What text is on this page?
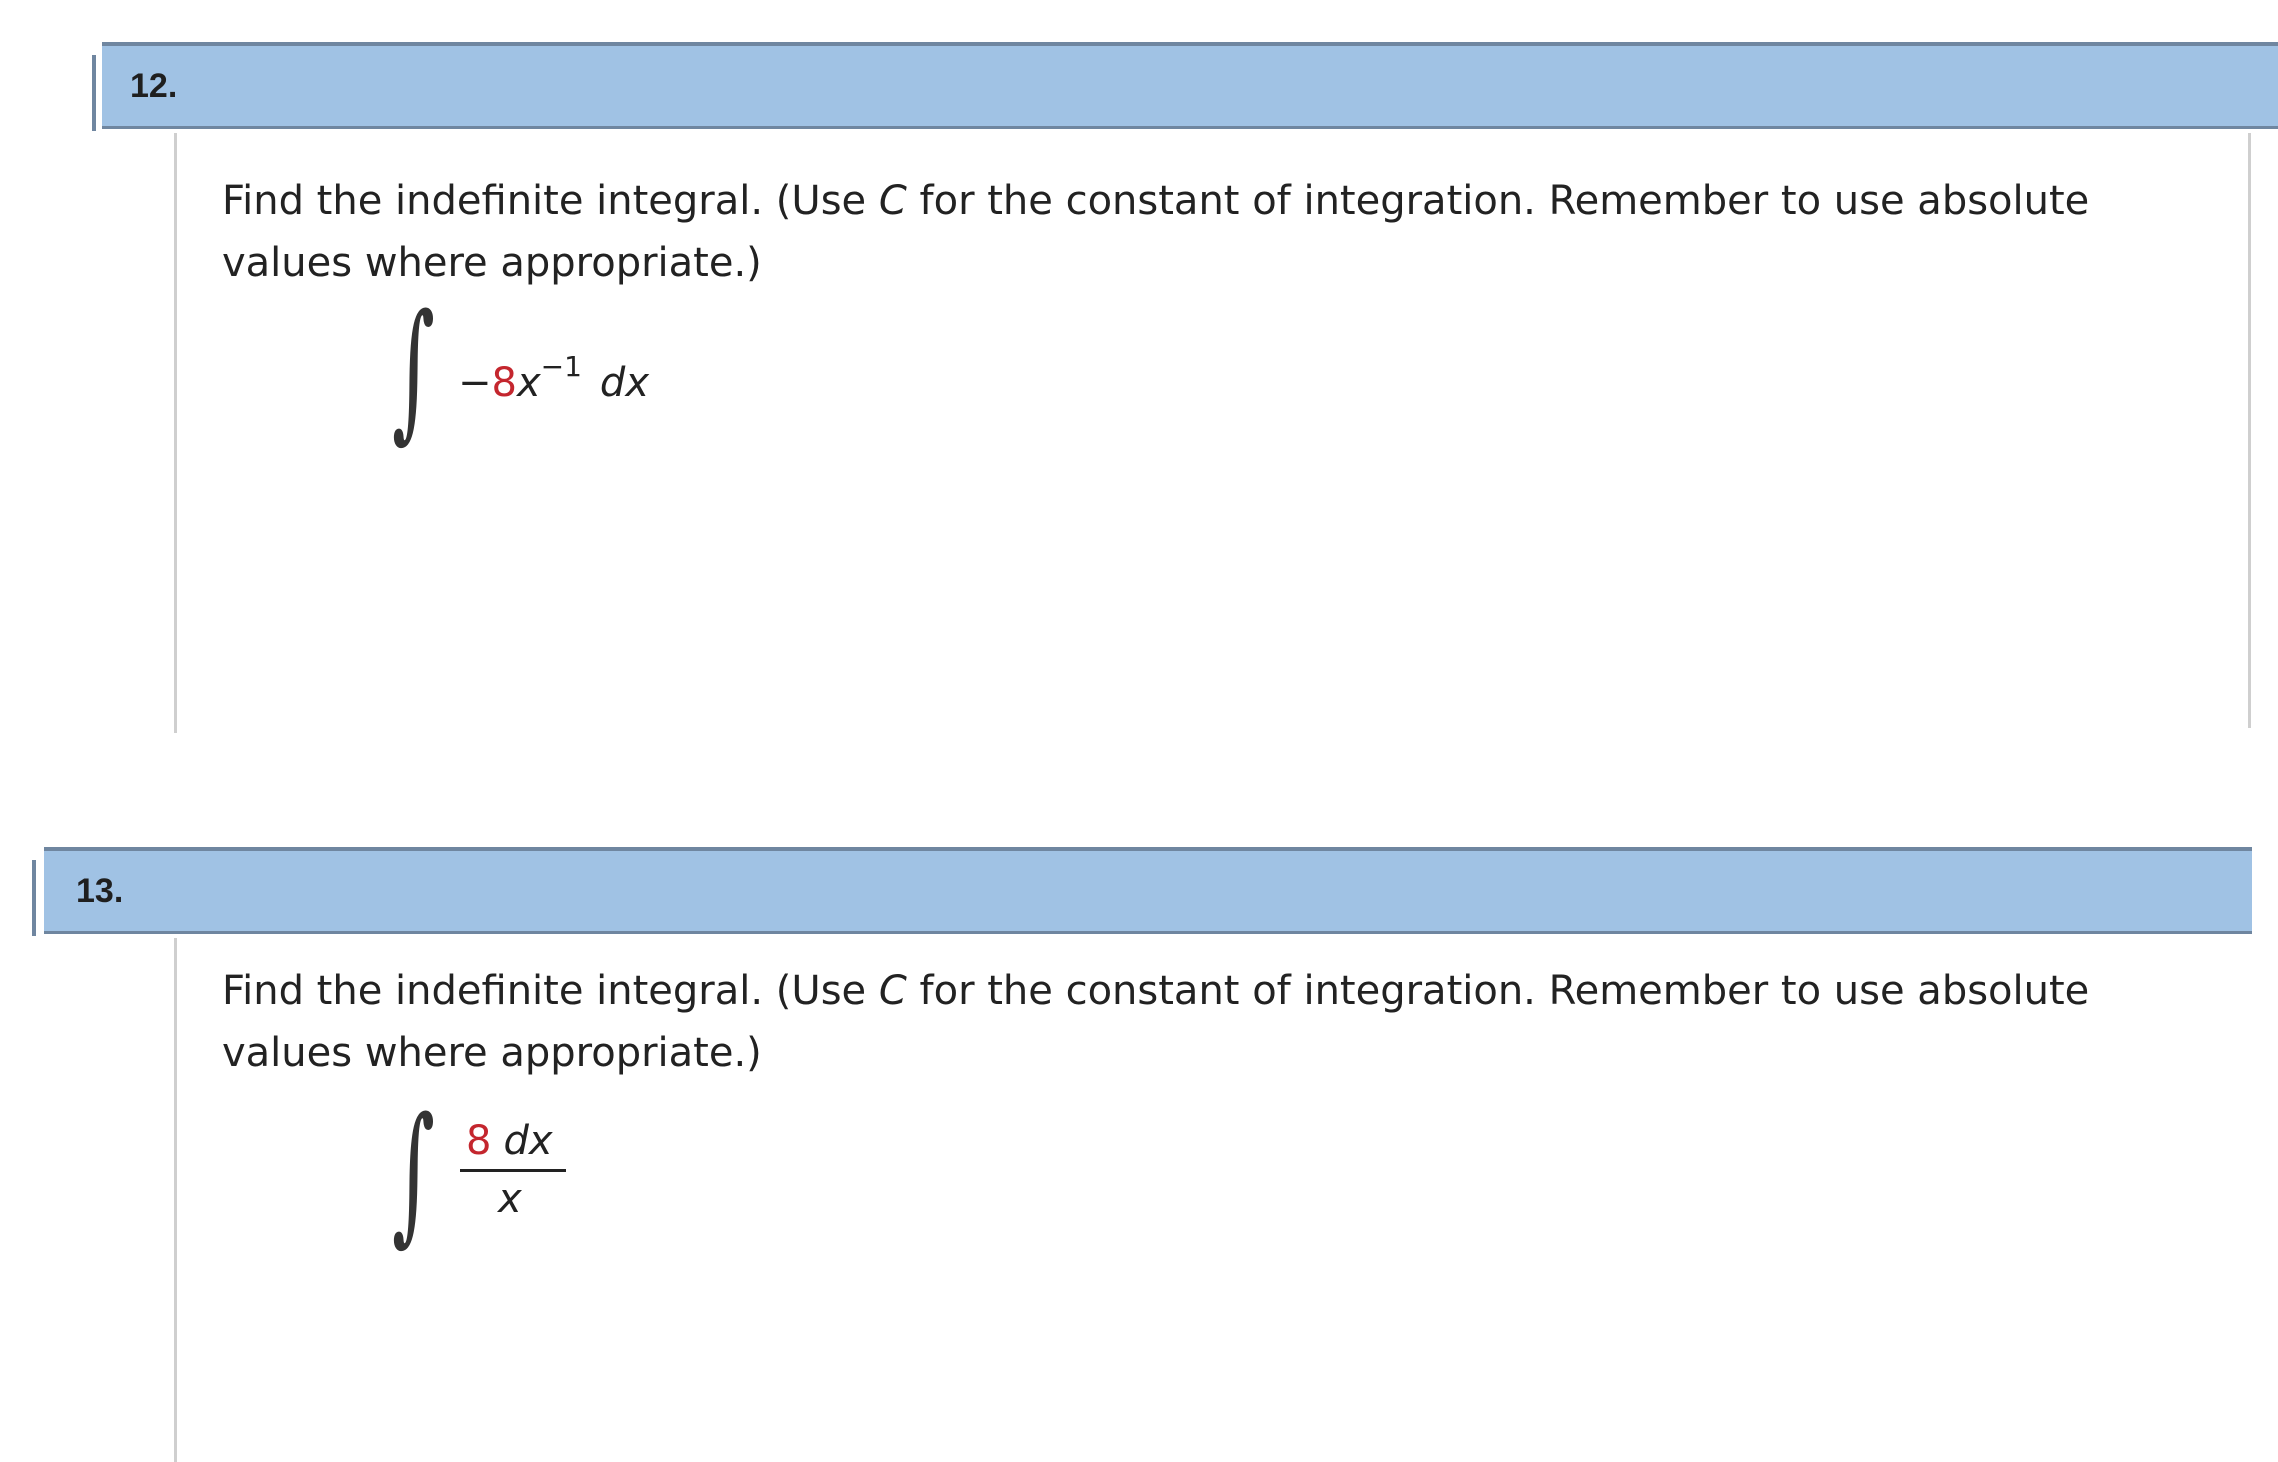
12.
Find the indefinite integral. (Use C for the constant of integration. Remember to use absolute values where appropriate.)
∫ $-8x^{-1}$ dx
13.
Find the indefinite integral. (Use C for the constant of integration. Remember to use absolute values where appropriate.)
∫ 8 dx
x
